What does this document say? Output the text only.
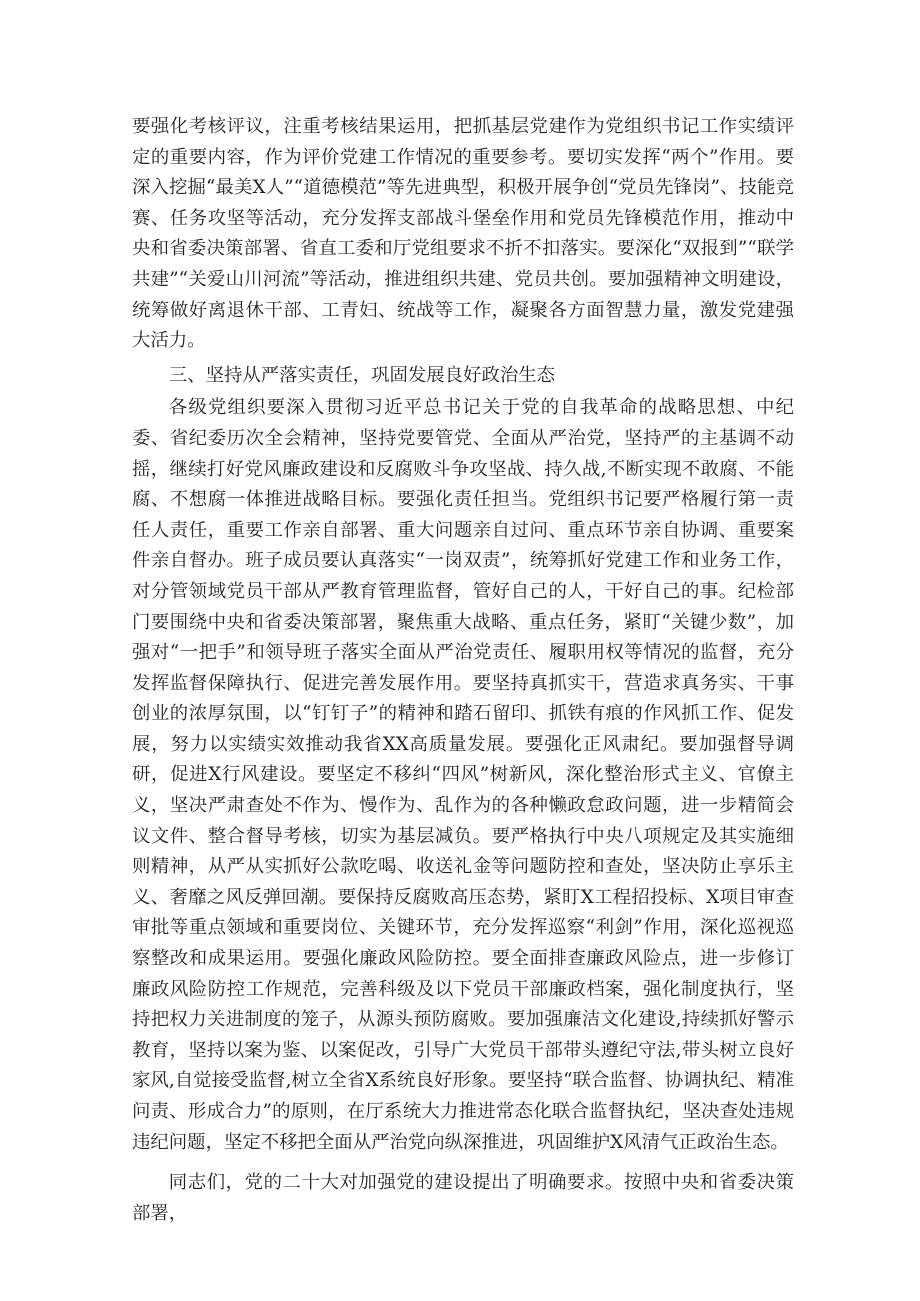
要强化考核评议，注重考核结果运用，把抓基层党建作为党组织书记工作实绩评定的重要内容，作为评价党建工作情况的重要参考。要切实发挥“两个”作用。要深入挖掘“最美X人”“道德模范”等先进典型，积极开展争创“党员先锋岗”、技能竞赛、任务攻坚等活动，充分发挥支部战斗堡垒作用和党员先锋模范作用，推动中央和省委决策部署、省直工委和厅党组要求不折不扣落实。要深化“双报到”“联学共建”“关爱山川河流”等活动，推进组织共建、党员共创。要加强精神文明建设，统筹做好离退休干部、工青妇、统战等工作，凝聚各方面智慧力量，激发党建强大活力。

三、坚持从严落实责任，巩固发展良好政治生态

各级党组织要深入贯彻习近平总书记关于党的自我革命的战略思想、中纪委、省纪委历次全会精神，坚持党要管党、全面从严治党，坚持严的主基调不动摇，继续打好党风廉政建设和反腐败斗争攻坚战、持久战,不断实现不敢腐、不能腐、不想腐一体推进战略目标。要强化责任担当。党组织书记要严格履行第一责任人责任，重要工作亲自部署、重大问题亲自过问、重点环节亲自协调、重要案件亲自督办。班子成员要认真落实“一岗双责”，统筹抓好党建工作和业务工作，对分管领域党员干部从严教育管理监督，管好自己的人，干好自己的事。纪检部门要围绕中央和省委决策部署，聚焦重大战略、重点任务，紧盯“关键少数”，加强对“一把手”和领导班子落实全面从严治党责任、履职用权等情况的监督，充分发挥监督保障执行、促进完善发展作用。要坚持真抓实干，营造求真务实、干事创业的浓厚氛围，以“钉钉子”的精神和踏石留印、抓铁有痕的作风抓工作、促发展，努力以实绩实效推动我省XX高质量发展。要强化正风肃纪。要加强督导调研，促进X行风建设。要坚定不移纠“四风”树新风，深化整治形式主义、官僚主义，坚决严肃查处不作为、慢作为、乱作为的各种懒政怠政问题，进一步精简会议文件、整合督导考核，切实为基层减负。要严格执行中央八项规定及其实施细则精神，从严从实抓好公款吃喝、收送礼金等问题防控和查处，坚决防止享乐主义、奢靡之风反弹回潮。要保持反腐败高压态势，紧盯X工程招投标、X项目审查审批等重点领域和重要岗位、关键环节，充分发挥巡察“利剑”作用，深化巡视巡察整改和成果运用。要强化廉政风险防控。要全面排查廉政风险点，进一步修订廉政风险防控工作规范，完善科级及以下党员干部廉政档案，强化制度执行，坚持把权力关进制度的笼子，从源头预防腐败。要加强廉洁文化建设,持续抓好警示教育，坚持以案为鉴、以案促改，引导广大党员干部带头遵纪守法,带头树立良好家风,自觉接受监督,树立全省X系统良好形象。要坚持“联合监督、协调执纪、精准问责、形成合力”的原则，在厅系统大力推进常态化联合监督执纪，坚决查处违规违纪问题，坚定不移把全面从严治党向纵深推进，巩固维护X风清气正政治生态。

同志们，党的二十大对加强党的建设提出了明确要求。按照中央和省委决策部署，
